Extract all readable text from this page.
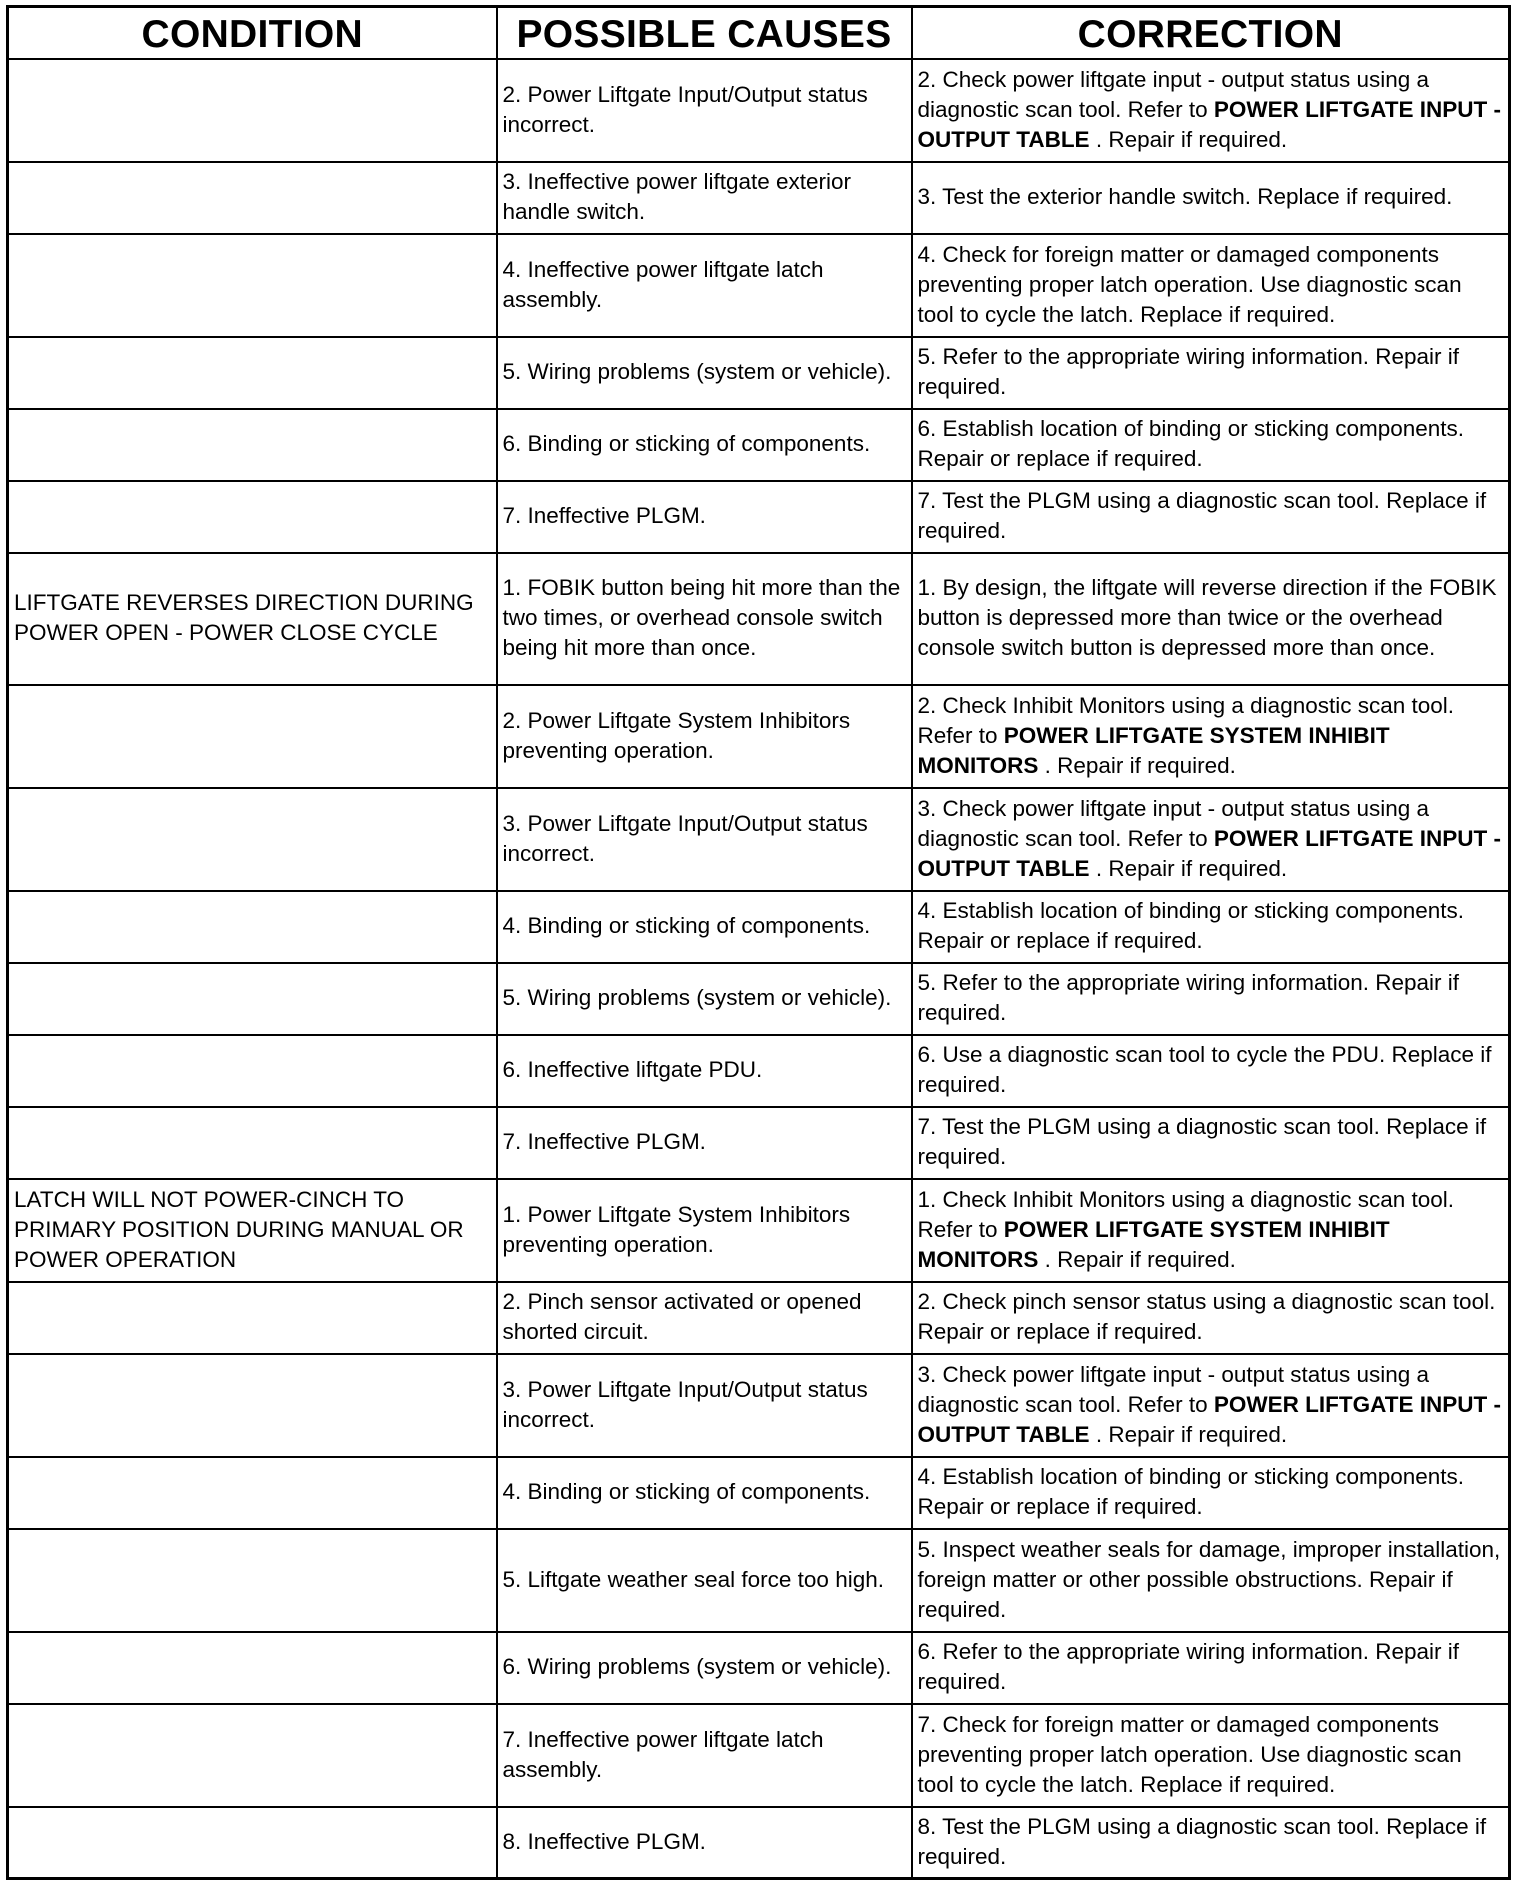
CONDITION	POSSIBLE CAUSES	CORRECTION
	2. Power Liftgate Input/Output status incorrect.	2. Check power liftgate input - output status using a diagnostic scan tool. Refer to POWER LIFTGATE INPUT - OUTPUT TABLE . Repair if required.
	3. Ineffective power liftgate exterior handle switch.	3. Test the exterior handle switch. Replace if required.
	4. Ineffective power liftgate latch assembly.	4. Check for foreign matter or damaged components preventing proper latch operation. Use diagnostic scan tool to cycle the latch. Replace if required.
	5. Wiring problems (system or vehicle).	5. Refer to the appropriate wiring information. Repair if required.
	6. Binding or sticking of components.	6. Establish location of binding or sticking components. Repair or replace if required.
	7. Ineffective PLGM.	7. Test the PLGM using a diagnostic scan tool. Replace if required.
LIFTGATE REVERSES DIRECTION DURING POWER OPEN - POWER CLOSE CYCLE	1. FOBIK button being hit more than the two times, or overhead console switch being hit more than once.	1. By design, the liftgate will reverse direction if the FOBIK button is depressed more than twice or the overhead console switch button is depressed more than once.
	2. Power Liftgate System Inhibitors preventing operation.	2. Check Inhibit Monitors using a diagnostic scan tool. Refer to POWER LIFTGATE SYSTEM INHIBIT MONITORS . Repair if required.
	3. Power Liftgate Input/Output status incorrect.	3. Check power liftgate input - output status using a diagnostic scan tool. Refer to POWER LIFTGATE INPUT - OUTPUT TABLE . Repair if required.
	4. Binding or sticking of components.	4. Establish location of binding or sticking components. Repair or replace if required.
	5. Wiring problems (system or vehicle).	5. Refer to the appropriate wiring information. Repair if required.
	6. Ineffective liftgate PDU.	6. Use a diagnostic scan tool to cycle the PDU. Replace if required.
	7. Ineffective PLGM.	7. Test the PLGM using a diagnostic scan tool. Replace if required.
LATCH WILL NOT POWER-CINCH TO PRIMARY POSITION DURING MANUAL OR POWER OPERATION	1. Power Liftgate System Inhibitors preventing operation.	1. Check Inhibit Monitors using a diagnostic scan tool. Refer to POWER LIFTGATE SYSTEM INHIBIT MONITORS . Repair if required.
	2. Pinch sensor activated or opened shorted circuit.	2. Check pinch sensor status using a diagnostic scan tool. Repair or replace if required.
	3. Power Liftgate Input/Output status incorrect.	3. Check power liftgate input - output status using a diagnostic scan tool. Refer to POWER LIFTGATE INPUT - OUTPUT TABLE . Repair if required.
	4. Binding or sticking of components.	4. Establish location of binding or sticking components. Repair or replace if required.
	5. Liftgate weather seal force too high.	5. Inspect weather seals for damage, improper installation, foreign matter or other possible obstructions. Repair if required.
	6. Wiring problems (system or vehicle).	6. Refer to the appropriate wiring information. Repair if required.
	7. Ineffective power liftgate latch assembly.	7. Check for foreign matter or damaged components preventing proper latch operation. Use diagnostic scan tool to cycle the latch. Replace if required.
	8. Ineffective PLGM.	8. Test the PLGM using a diagnostic scan tool. Replace if required.
